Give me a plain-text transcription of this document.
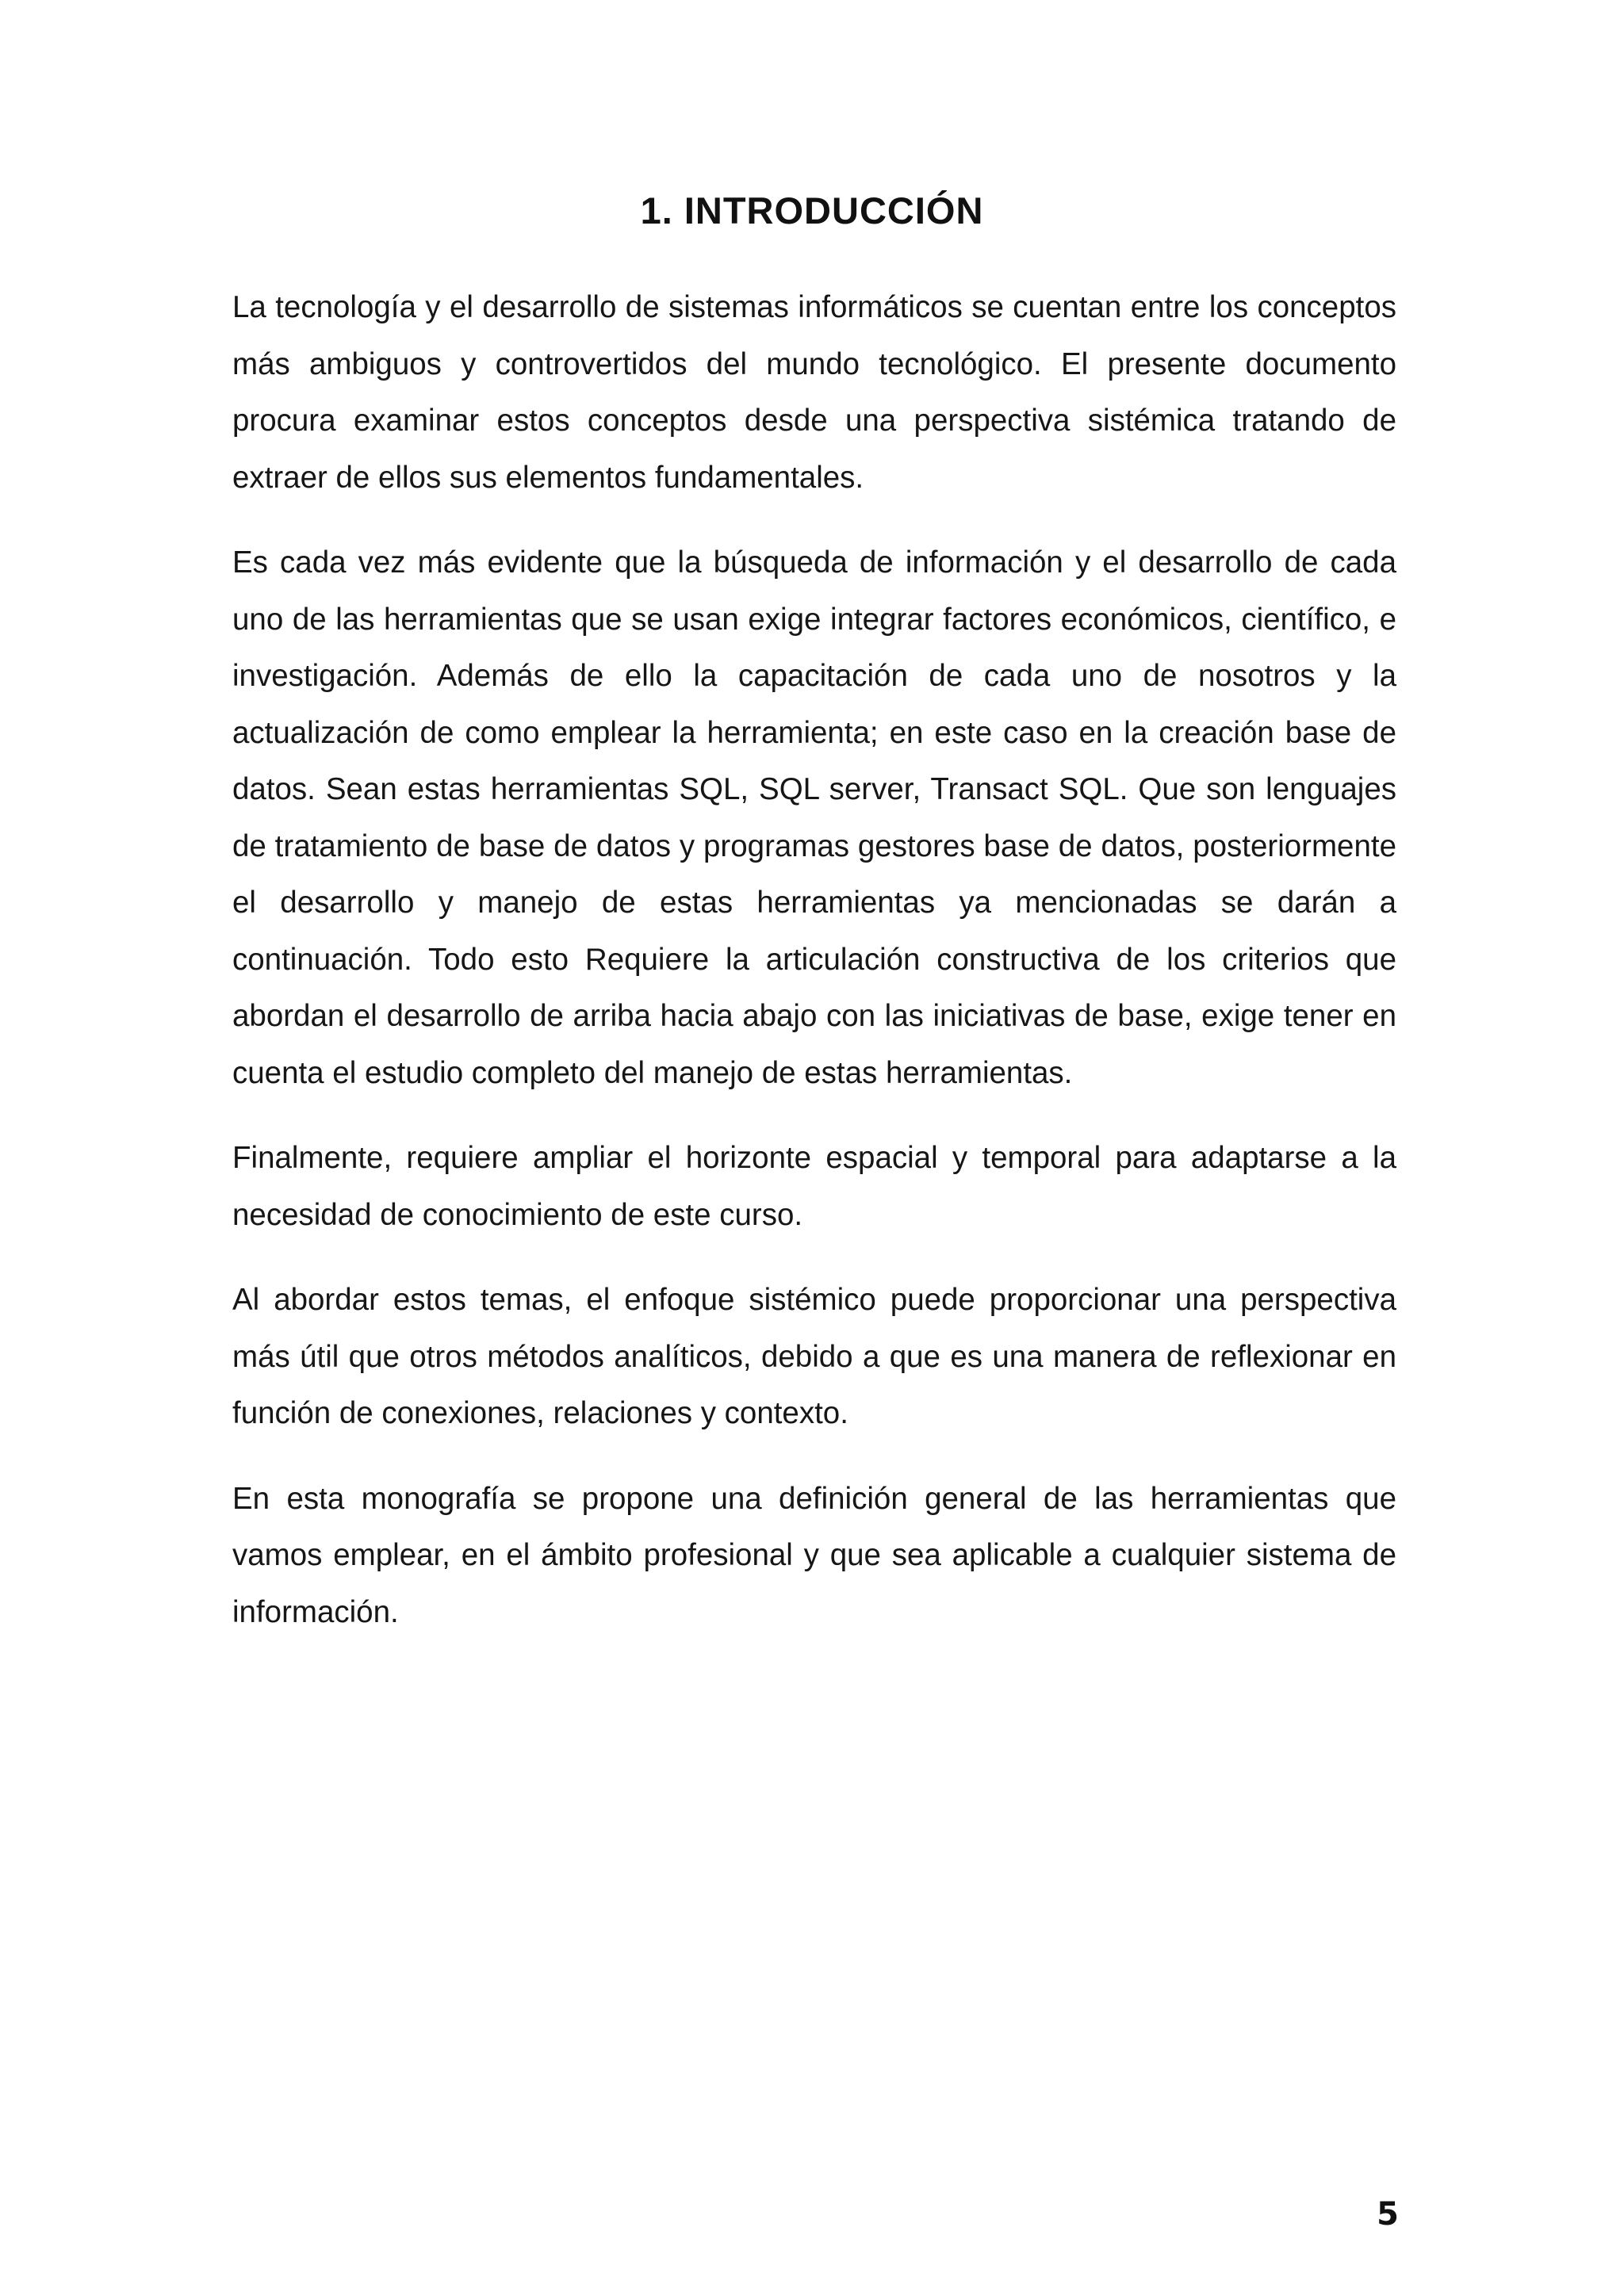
1. INTRODUCCIÓN

La tecnología y el desarrollo de sistemas informáticos se cuentan entre los conceptos más ambiguos y controvertidos del mundo tecnológico. El presente documento procura examinar estos conceptos desde una perspectiva sistémica tratando de extraer de ellos sus elementos fundamentales.

Es cada vez más evidente que la búsqueda de información y el desarrollo de cada uno de las herramientas que se usan exige integrar factores económicos, científico, e investigación. Además de ello la capacitación de cada uno de nosotros y la actualización de como emplear la herramienta; en este caso en la creación base de datos. Sean estas herramientas SQL, SQL server, Transact SQL. Que son lenguajes de tratamiento de base de datos y programas gestores base de datos, posteriormente el desarrollo y manejo de estas herramientas ya mencionadas se darán a continuación. Todo esto Requiere la articulación constructiva de los criterios que abordan el desarrollo de arriba hacia abajo con las iniciativas de base, exige tener en cuenta el estudio completo del manejo de estas herramientas.

Finalmente, requiere ampliar el horizonte espacial y temporal para adaptarse a la necesidad de conocimiento de este curso.

Al abordar estos temas, el enfoque sistémico puede proporcionar una perspectiva más útil que otros métodos analíticos, debido a que es una manera de reflexionar en función de conexiones, relaciones y contexto.

En esta monografía se propone una definición general de las herramientas que vamos emplear, en el ámbito profesional y que sea aplicable a cualquier sistema de información.

5
